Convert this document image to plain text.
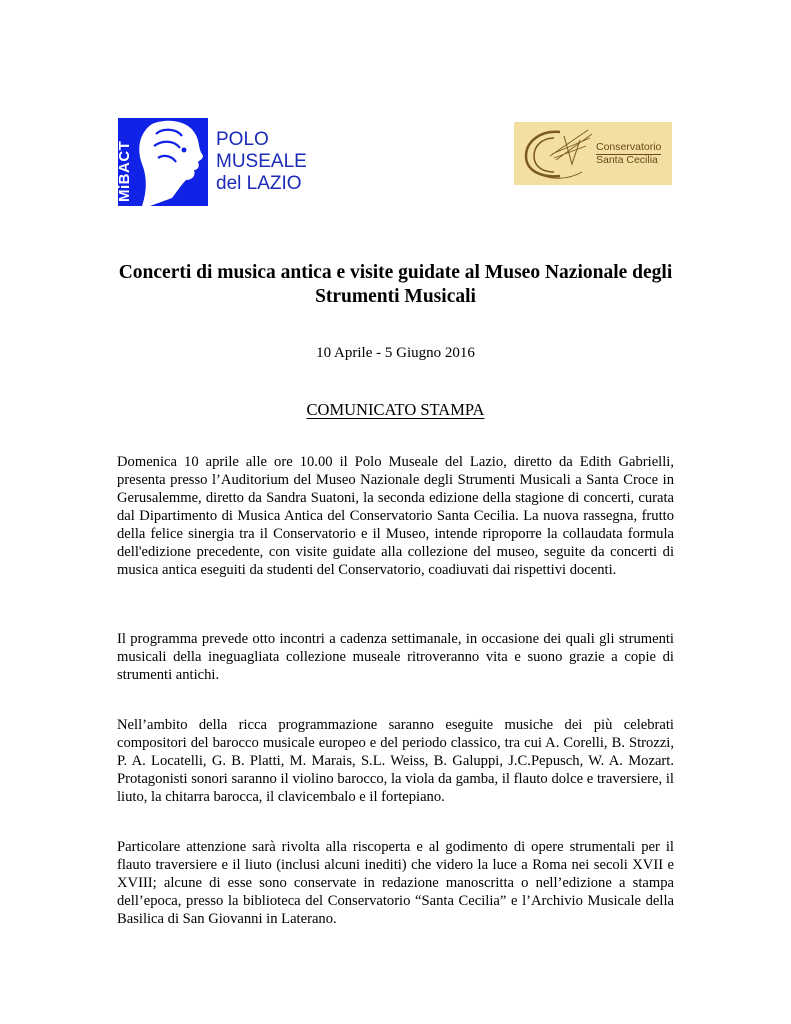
MiBACT
POLO
MUSEALE
del LAZIO
Conservatorio
Santa Cecilia
Concerti di musica antica e visite guidate al Museo Nazionale degli Strumenti Musicali
10 Aprile - 5 Giugno 2016
COMUNICATO STAMPA

Domenica 10 aprile alle ore 10.00 il Polo Museale del Lazio, diretto da Edith Gabrielli, presenta presso l’Auditorium del Museo Nazionale degli Strumenti Musicali a Santa Croce in Gerusalemme, diretto da Sandra Suatoni, la seconda edizione della stagione di concerti, curata dal Dipartimento di Musica Antica del Conservatorio Santa Cecilia. La nuova rassegna, frutto della felice sinergia tra il Conservatorio e il Museo, intende riproporre la collaudata formula dell'edizione precedente, con visite guidate alla collezione del museo, seguite da concerti di musica antica eseguiti da studenti del Conservatorio, coadiuvati dai rispettivi docenti.

Il programma prevede otto incontri a cadenza settimanale, in occasione dei quali gli strumenti musicali della ineguagliata collezione museale ritroveranno vita e suono grazie a copie di strumenti antichi.

Nell’ambito della ricca programmazione saranno eseguite musiche dei più celebrati compositori del barocco musicale europeo e del periodo classico, tra cui A. Corelli, B. Strozzi, P. A. Locatelli, G. B. Platti, M. Marais, S.L. Weiss, B. Galuppi, J.C.Pepusch, W. A. Mozart. Protagonisti sonori saranno il violino barocco, la viola da gamba, il flauto dolce e traversiere, il liuto, la chitarra barocca, il clavicembalo e il fortepiano.

Particolare attenzione sarà rivolta alla riscoperta e al godimento di opere strumentali per il flauto traversiere e il liuto (inclusi alcuni inediti) che videro la luce a Roma nei secoli XVII e XVIII; alcune di esse sono conservate in redazione manoscritta o nell’edizione a stampa dell’epoca, presso la biblioteca del Conservatorio “Santa Cecilia” e l’Archivio Musicale della Basilica di San Giovanni in Laterano.
